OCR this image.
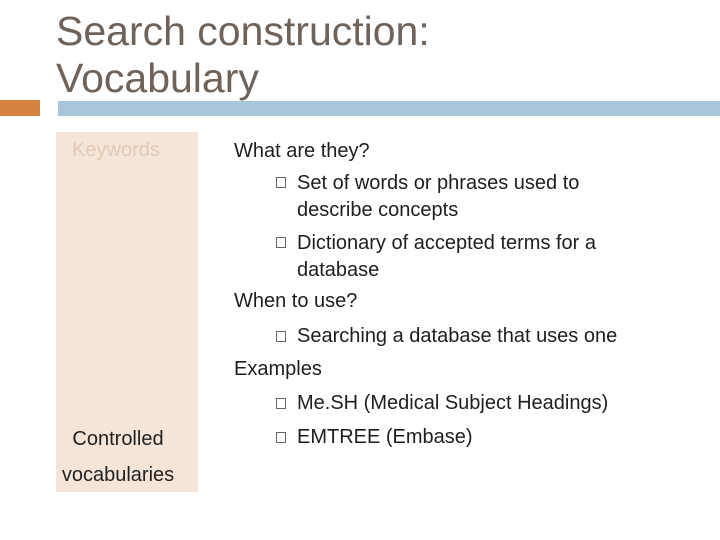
Search construction:
Vocabulary
Keywords
Controlled
vocabularies
What are they?
Set of words or phrases used to
describe concepts
Dictionary of accepted terms for a
database
When to use?
Searching a database that uses one
Examples
Me.SH (Medical Subject Headings)
EMTREE (Embase)
